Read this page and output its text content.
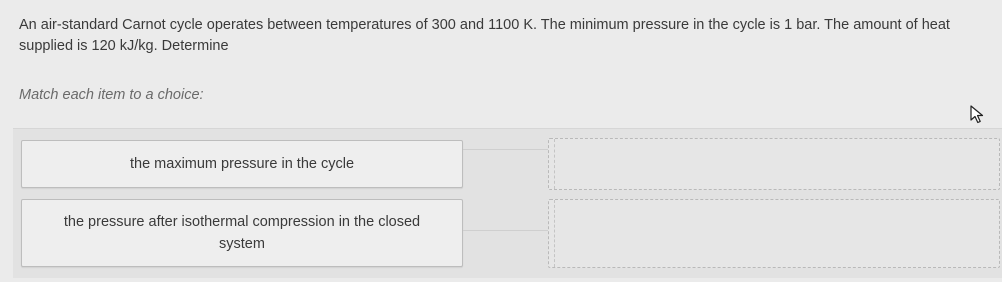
An air-standard Carnot cycle operates between temperatures of 300 and 1100 K. The minimum pressure in the cycle is 1 bar. The amount of heat supplied is 120 kJ/kg. Determine
Match each item to a choice:
the maximum pressure in the cycle
the pressure after isothermal compression in the closed system
